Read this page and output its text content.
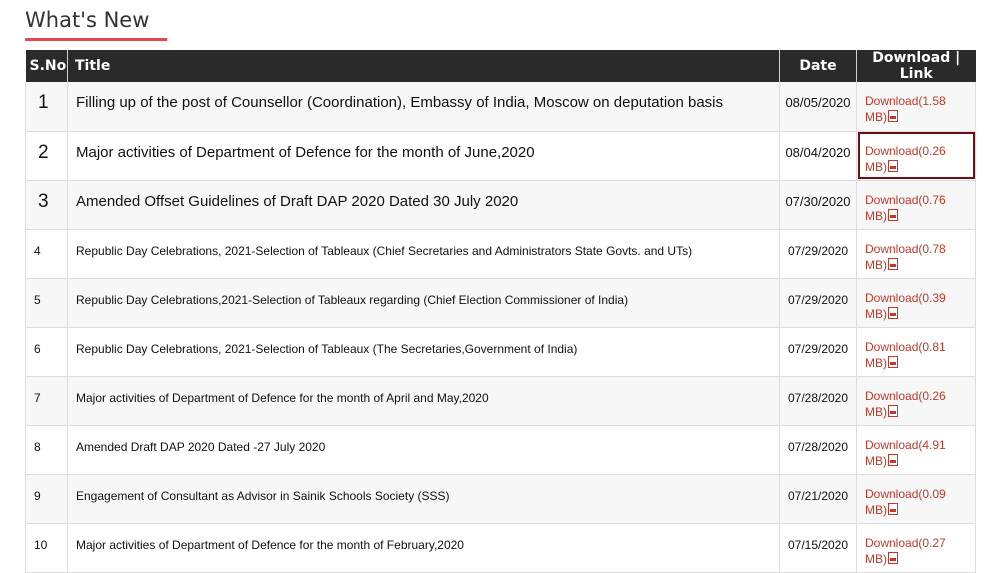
What's New
S.No	Title	Date	Download | Link
1	Filling up of the post of Counsellor (Coordination), Embassy of India, Moscow on deputation basis	08/05/2020	Download(1.58 MB)
2	Major activities of Department of Defence for the month of June,2020	08/04/2020	Download(0.26 MB)
3	Amended Offset Guidelines of Draft DAP 2020 Dated 30 July 2020	07/30/2020	Download(0.76 MB)
4	Republic Day Celebrations, 2021-Selection of Tableaux (Chief Secretaries and Administrators State Govts. and UTs)	07/29/2020	Download(0.78 MB)
5	Republic Day Celebrations,2021-Selection of Tableaux regarding (Chief Election Commissioner of India)	07/29/2020	Download(0.39 MB)
6	Republic Day Celebrations, 2021-Selection of Tableaux (The Secretaries,Government of India)	07/29/2020	Download(0.81 MB)
7	Major activities of Department of Defence for the month of April and May,2020	07/28/2020	Download(0.26 MB)
8	Amended Draft DAP 2020 Dated -27 July 2020	07/28/2020	Download(4.91 MB)
9	Engagement of Consultant as Advisor in Sainik Schools Society (SSS)	07/21/2020	Download(0.09 MB)
10	Major activities of Department of Defence for the month of February,2020	07/15/2020	Download(0.27 MB)
